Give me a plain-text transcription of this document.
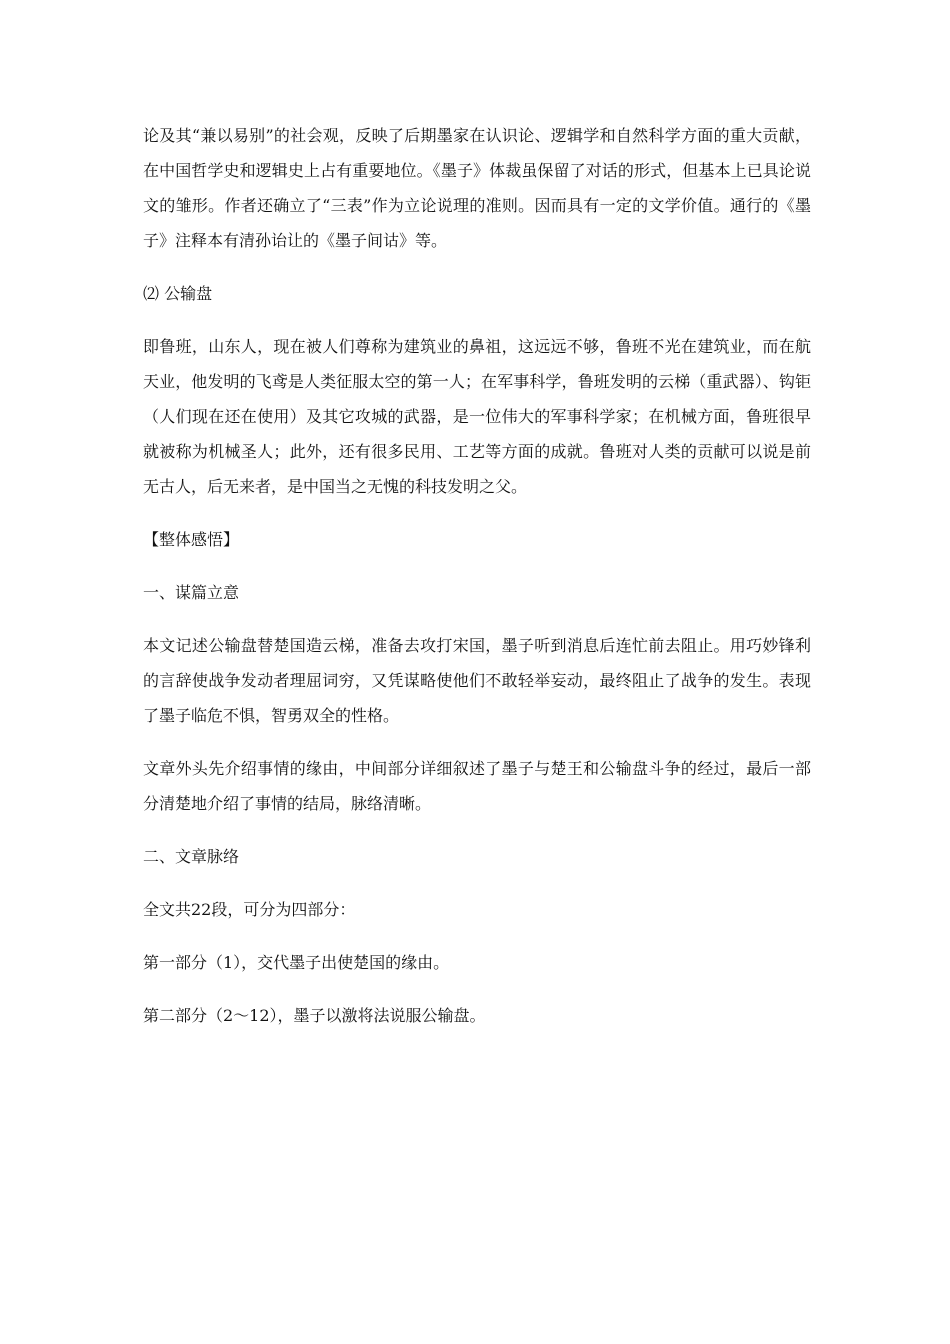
论及其“兼以易别”的社会观，反映了后期墨家在认识论、逻辑学和自然科学方面的重大贡献，在中国哲学史和逻辑史上占有重要地位。《墨子》体裁虽保留了对话的形式，但基本上已具论说文的雏形。作者还确立了“三表”作为立论说理的准则。因而具有一定的文学价值。通行的《墨子》注释本有清孙诒让的《墨子间诂》等。

⑵ 公输盘

即鲁班，山东人，现在被人们尊称为建筑业的鼻祖，这远远不够，鲁班不光在建筑业，而在航天业，他发明的飞鸢是人类征服太空的第一人；在军事科学，鲁班发明的云梯（重武器）、钩钜（人们现在还在使用）及其它攻城的武器，是一位伟大的军事科学家；在机械方面，鲁班很早就被称为机械圣人；此外，还有很多民用、工艺等方面的成就。鲁班对人类的贡献可以说是前无古人，后无来者，是中国当之无愧的科技发明之父。

【整体感悟】

一、谋篇立意

本文记述公输盘替楚国造云梯，准备去攻打宋国，墨子听到消息后连忙前去阻止。用巧妙锋利的言辞使战争发动者理屈词穷，又凭谋略使他们不敢轻举妄动，最终阻止了战争的发生。表现了墨子临危不惧，智勇双全的性格。

文章外头先介绍事情的缘由，中间部分详细叙述了墨子与楚王和公输盘斗争的经过，最后一部分清楚地介绍了事情的结局，脉络清晰。

二、文章脉络

全文共22段，可分为四部分：

第一部分（1），交代墨子出使楚国的缘由。

第二部分（2～12），墨子以激将法说服公输盘。
